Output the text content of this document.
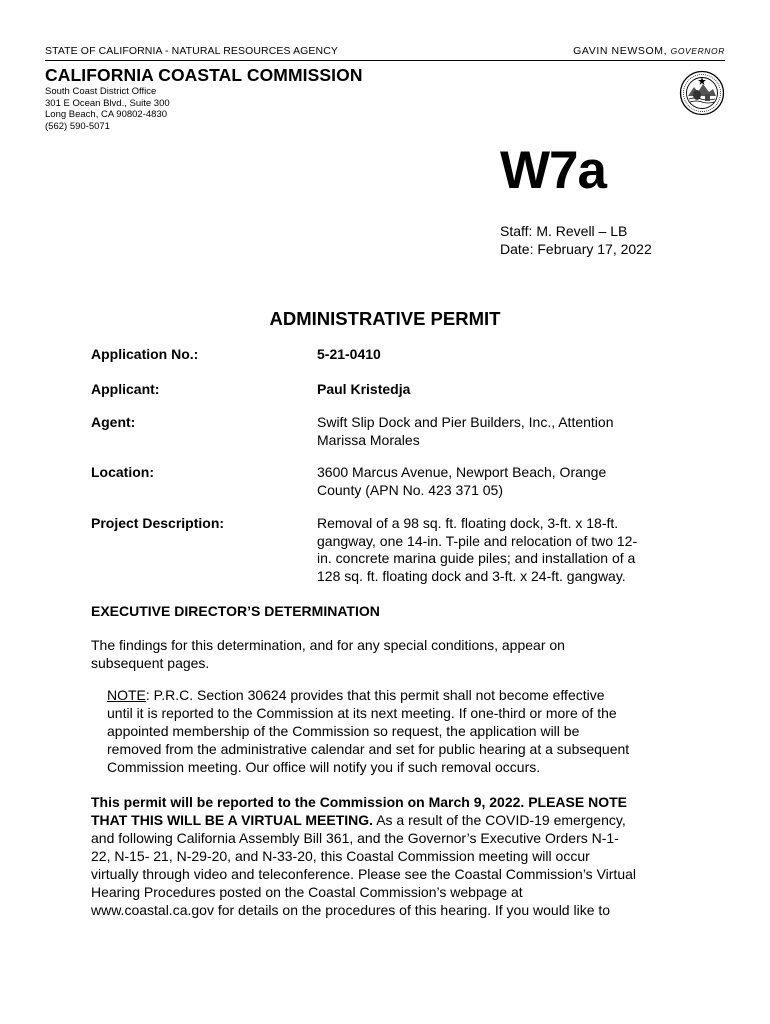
STATE OF CALIFORNIA - NATURAL RESOURCES AGENCY	GAVIN NEWSOM, GOVERNOR
CALIFORNIA COASTAL COMMISSION
South Coast District Office
301 E Ocean Blvd., Suite 300
Long Beach, CA 90802-4830
(562) 590-5071
W7a
Staff: M. Revell – LB
Date: February 17, 2022
ADMINISTRATIVE PERMIT
Application No.:	5-21-0410
Applicant:	Paul Kristedja
Agent:	Swift Slip Dock and Pier Builders, Inc., Attention
Marissa Morales
Location:	3600 Marcus Avenue, Newport Beach, Orange
County (APN No. 423 371 05)
Project Description:	Removal of a 98 sq. ft. floating dock, 3-ft. x 18-ft.
gangway, one 14-in. T-pile and relocation of two 12-
in. concrete marina guide piles; and installation of a
128 sq. ft. floating dock and 3-ft. x 24-ft. gangway.
EXECUTIVE DIRECTOR’S DETERMINATION
The findings for this determination, and for any special conditions, appear on
subsequent pages.
NOTE: P.R.C. Section 30624 provides that this permit shall not become effective
until it is reported to the Commission at its next meeting. If one-third or more of the
appointed membership of the Commission so request, the application will be
removed from the administrative calendar and set for public hearing at a subsequent
Commission meeting. Our office will notify you if such removal occurs.
This permit will be reported to the Commission on March 9, 2022. PLEASE NOTE
THAT THIS WILL BE A VIRTUAL MEETING. As a result of the COVID-19 emergency,
and following California Assembly Bill 361, and the Governor’s Executive Orders N-1-
22, N-15- 21, N-29-20, and N-33-20, this Coastal Commission meeting will occur
virtually through video and teleconference. Please see the Coastal Commission’s Virtual
Hearing Procedures posted on the Coastal Commission’s webpage at
www.coastal.ca.gov for details on the procedures of this hearing. If you would like to
